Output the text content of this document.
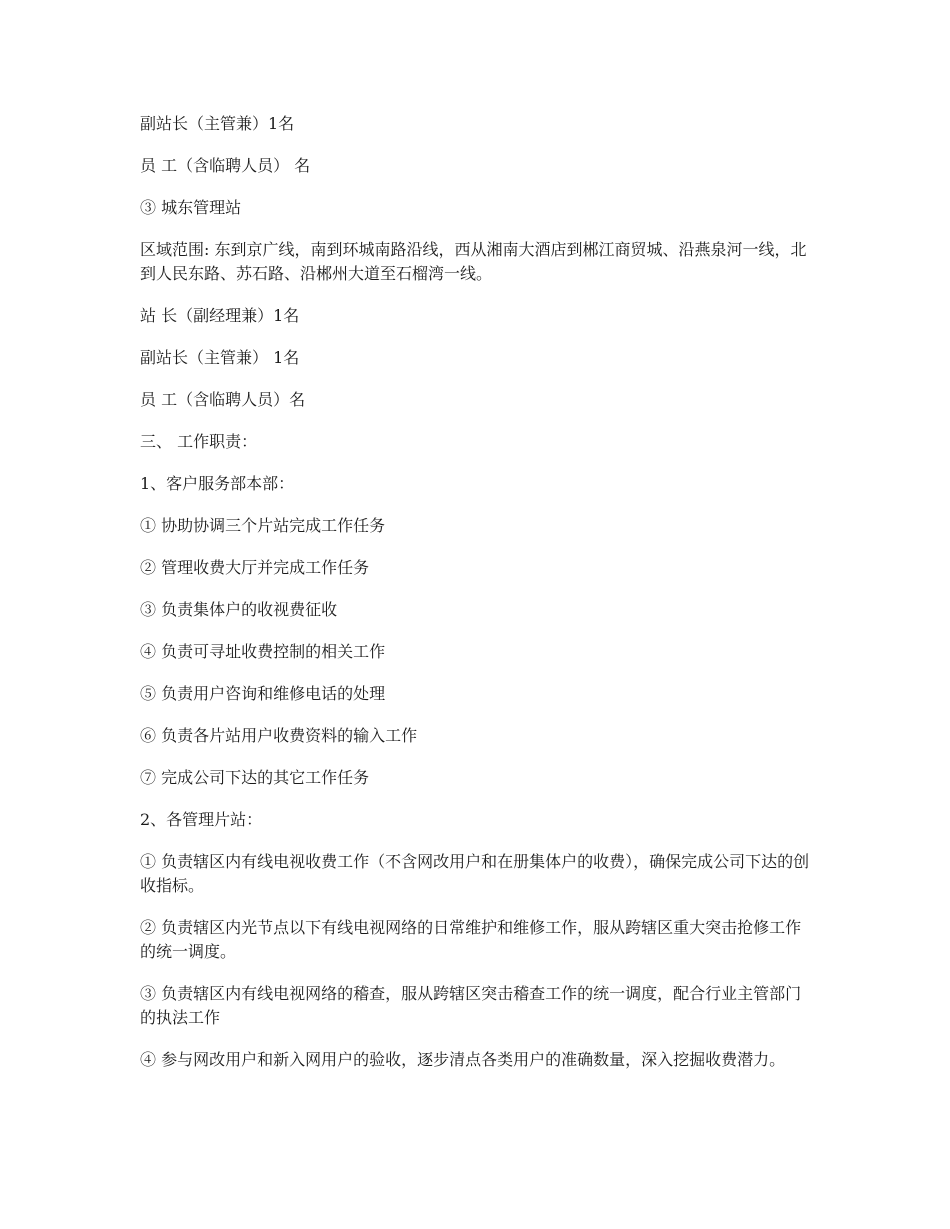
副站长（主管兼）1名

员 工（含临聘人员） 名

③ 城东管理站

区域范围: 东到京广线，南到环城南路沿线，西从湘南大酒店到郴江商贸城、沿燕泉河一线，北到人民东路、苏石路、沿郴州大道至石榴湾一线。

站 长（副经理兼）1名

副站长（主管兼） 1名

员 工（含临聘人员）名

三、 工作职责：

1、客户服务部本部：

① 协助协调三个片站完成工作任务

② 管理收费大厅并完成工作任务

③ 负责集体户的收视费征收

④ 负责可寻址收费控制的相关工作

⑤ 负责用户咨询和维修电话的处理

⑥ 负责各片站用户收费资料的输入工作

⑦ 完成公司下达的其它工作任务

2、各管理片站：

① 负责辖区内有线电视收费工作（不含网改用户和在册集体户的收费），确保完成公司下达的创收指标。

② 负责辖区内光节点以下有线电视网络的日常维护和维修工作，服从跨辖区重大突击抢修工作的统一调度。

③ 负责辖区内有线电视网络的稽查，服从跨辖区突击稽查工作的统一调度，配合行业主管部门的执法工作

④ 参与网改用户和新入网用户的验收，逐步清点各类用户的准确数量，深入挖掘收费潜力。
